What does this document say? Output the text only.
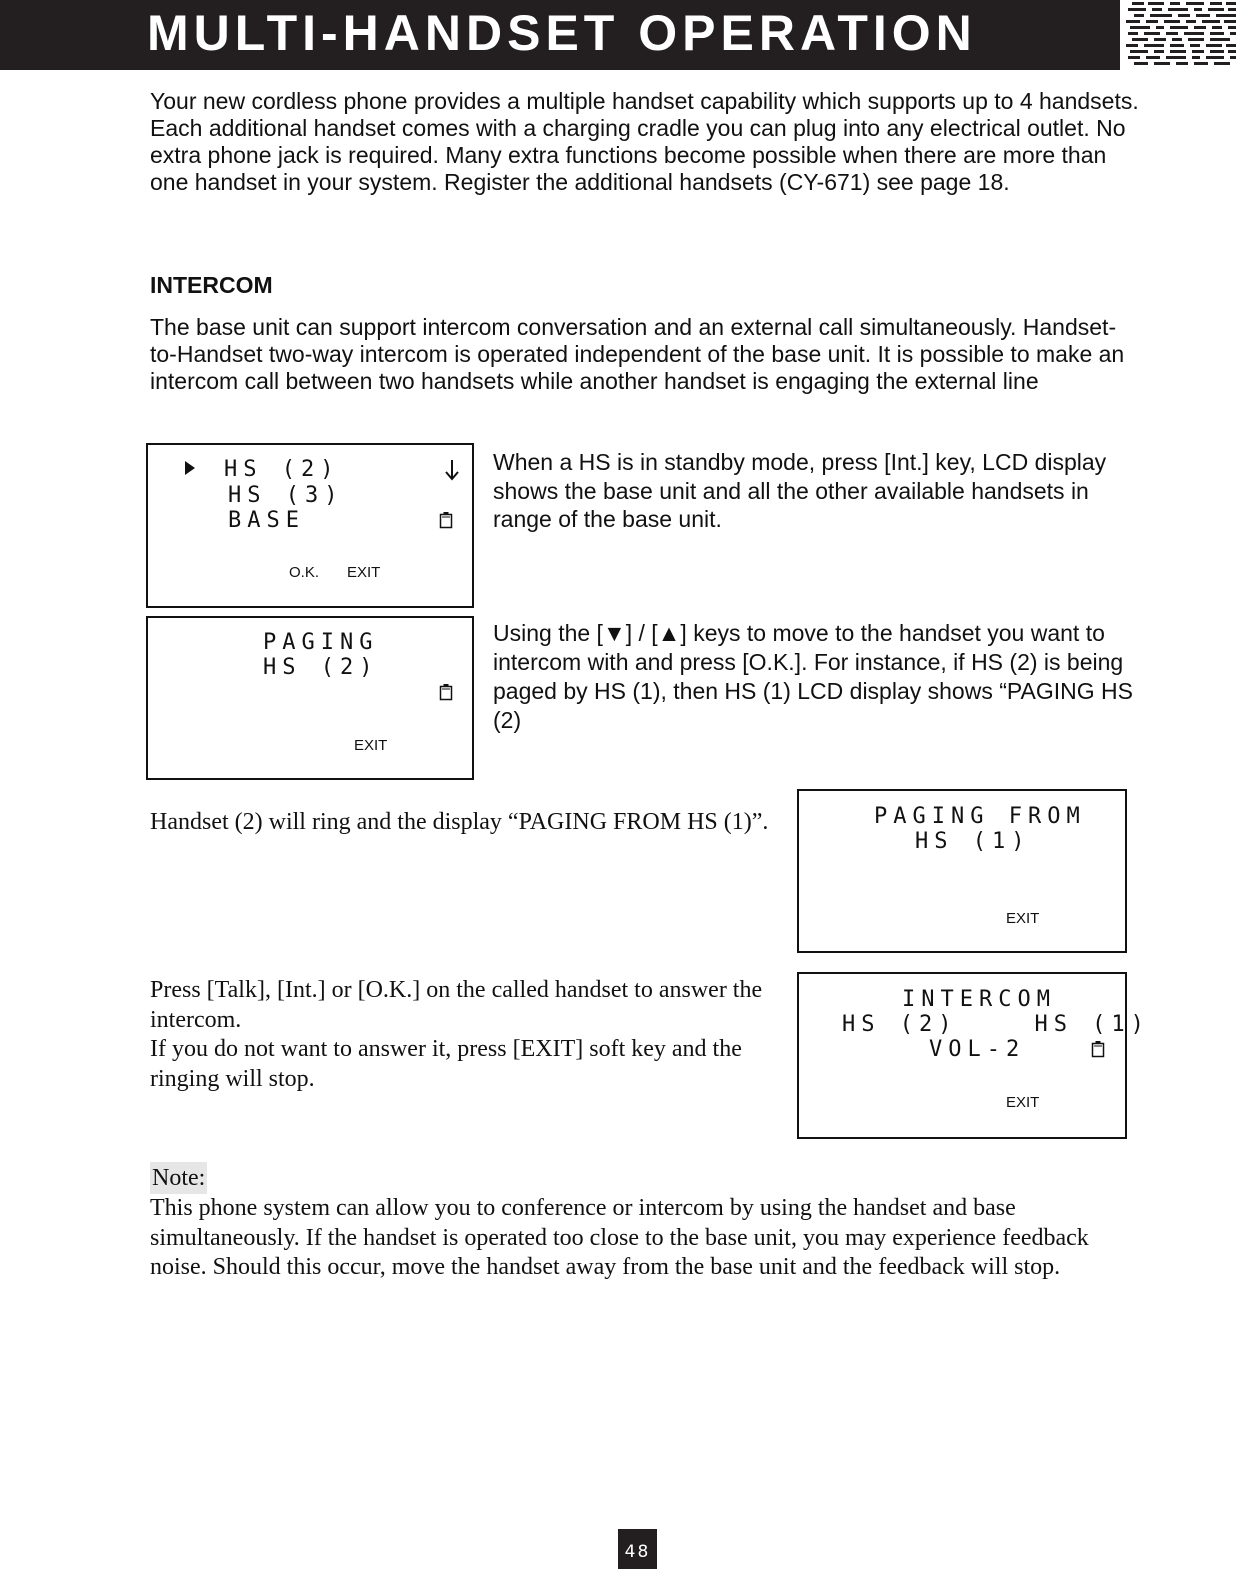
MULTI-HANDSET OPERATION

Your new cordless phone provides a multiple handset capability which supports up to 4 handsets. Each additional handset comes with a charging cradle you can plug into any electrical outlet. No extra phone jack is required. Many extra functions become possible when there are more than one handset in your system. Register the additional handsets (CY-671) see page 18.

INTERCOM

The base unit can support intercom conversation and an external call simultaneously. Handset-to-Handset two-way intercom is operated independent of the base unit. It is possible to make an intercom call between two handsets while another handset is engaging the external line

HS (2)
HS (3)
BASE
O.K. EXIT
PAGING
HS (2)
EXIT

When a HS is in standby mode, press [Int.] key, LCD display shows the base unit and all the other available handsets in range of the base unit.

Using the [▼] / [▲] keys to move to the handset you want to intercom with and press [O.K.]. For instance, if HS (2) is being paged by HS (1), then HS (1) LCD display shows “PAGING HS (2)

PAGING FROM
HS (1)
EXIT

Handset (2) will ring and the display “PAGING FROM HS (1)”.

INTERCOM
HS (2)    HS (1)
VOL-2
EXIT

Press [Talk], [Int.] or [O.K.] on the called handset to answer the intercom.

If you do not want to answer it, press [EXIT] soft key and the ringing will stop.

Note:

This phone system can allow you to conference or intercom by using the handset and base simultaneously. If the handset is operated too close to the base unit, you may experience feedback noise. Should this occur, move the handset away from the base unit and the feedback will stop.

48
